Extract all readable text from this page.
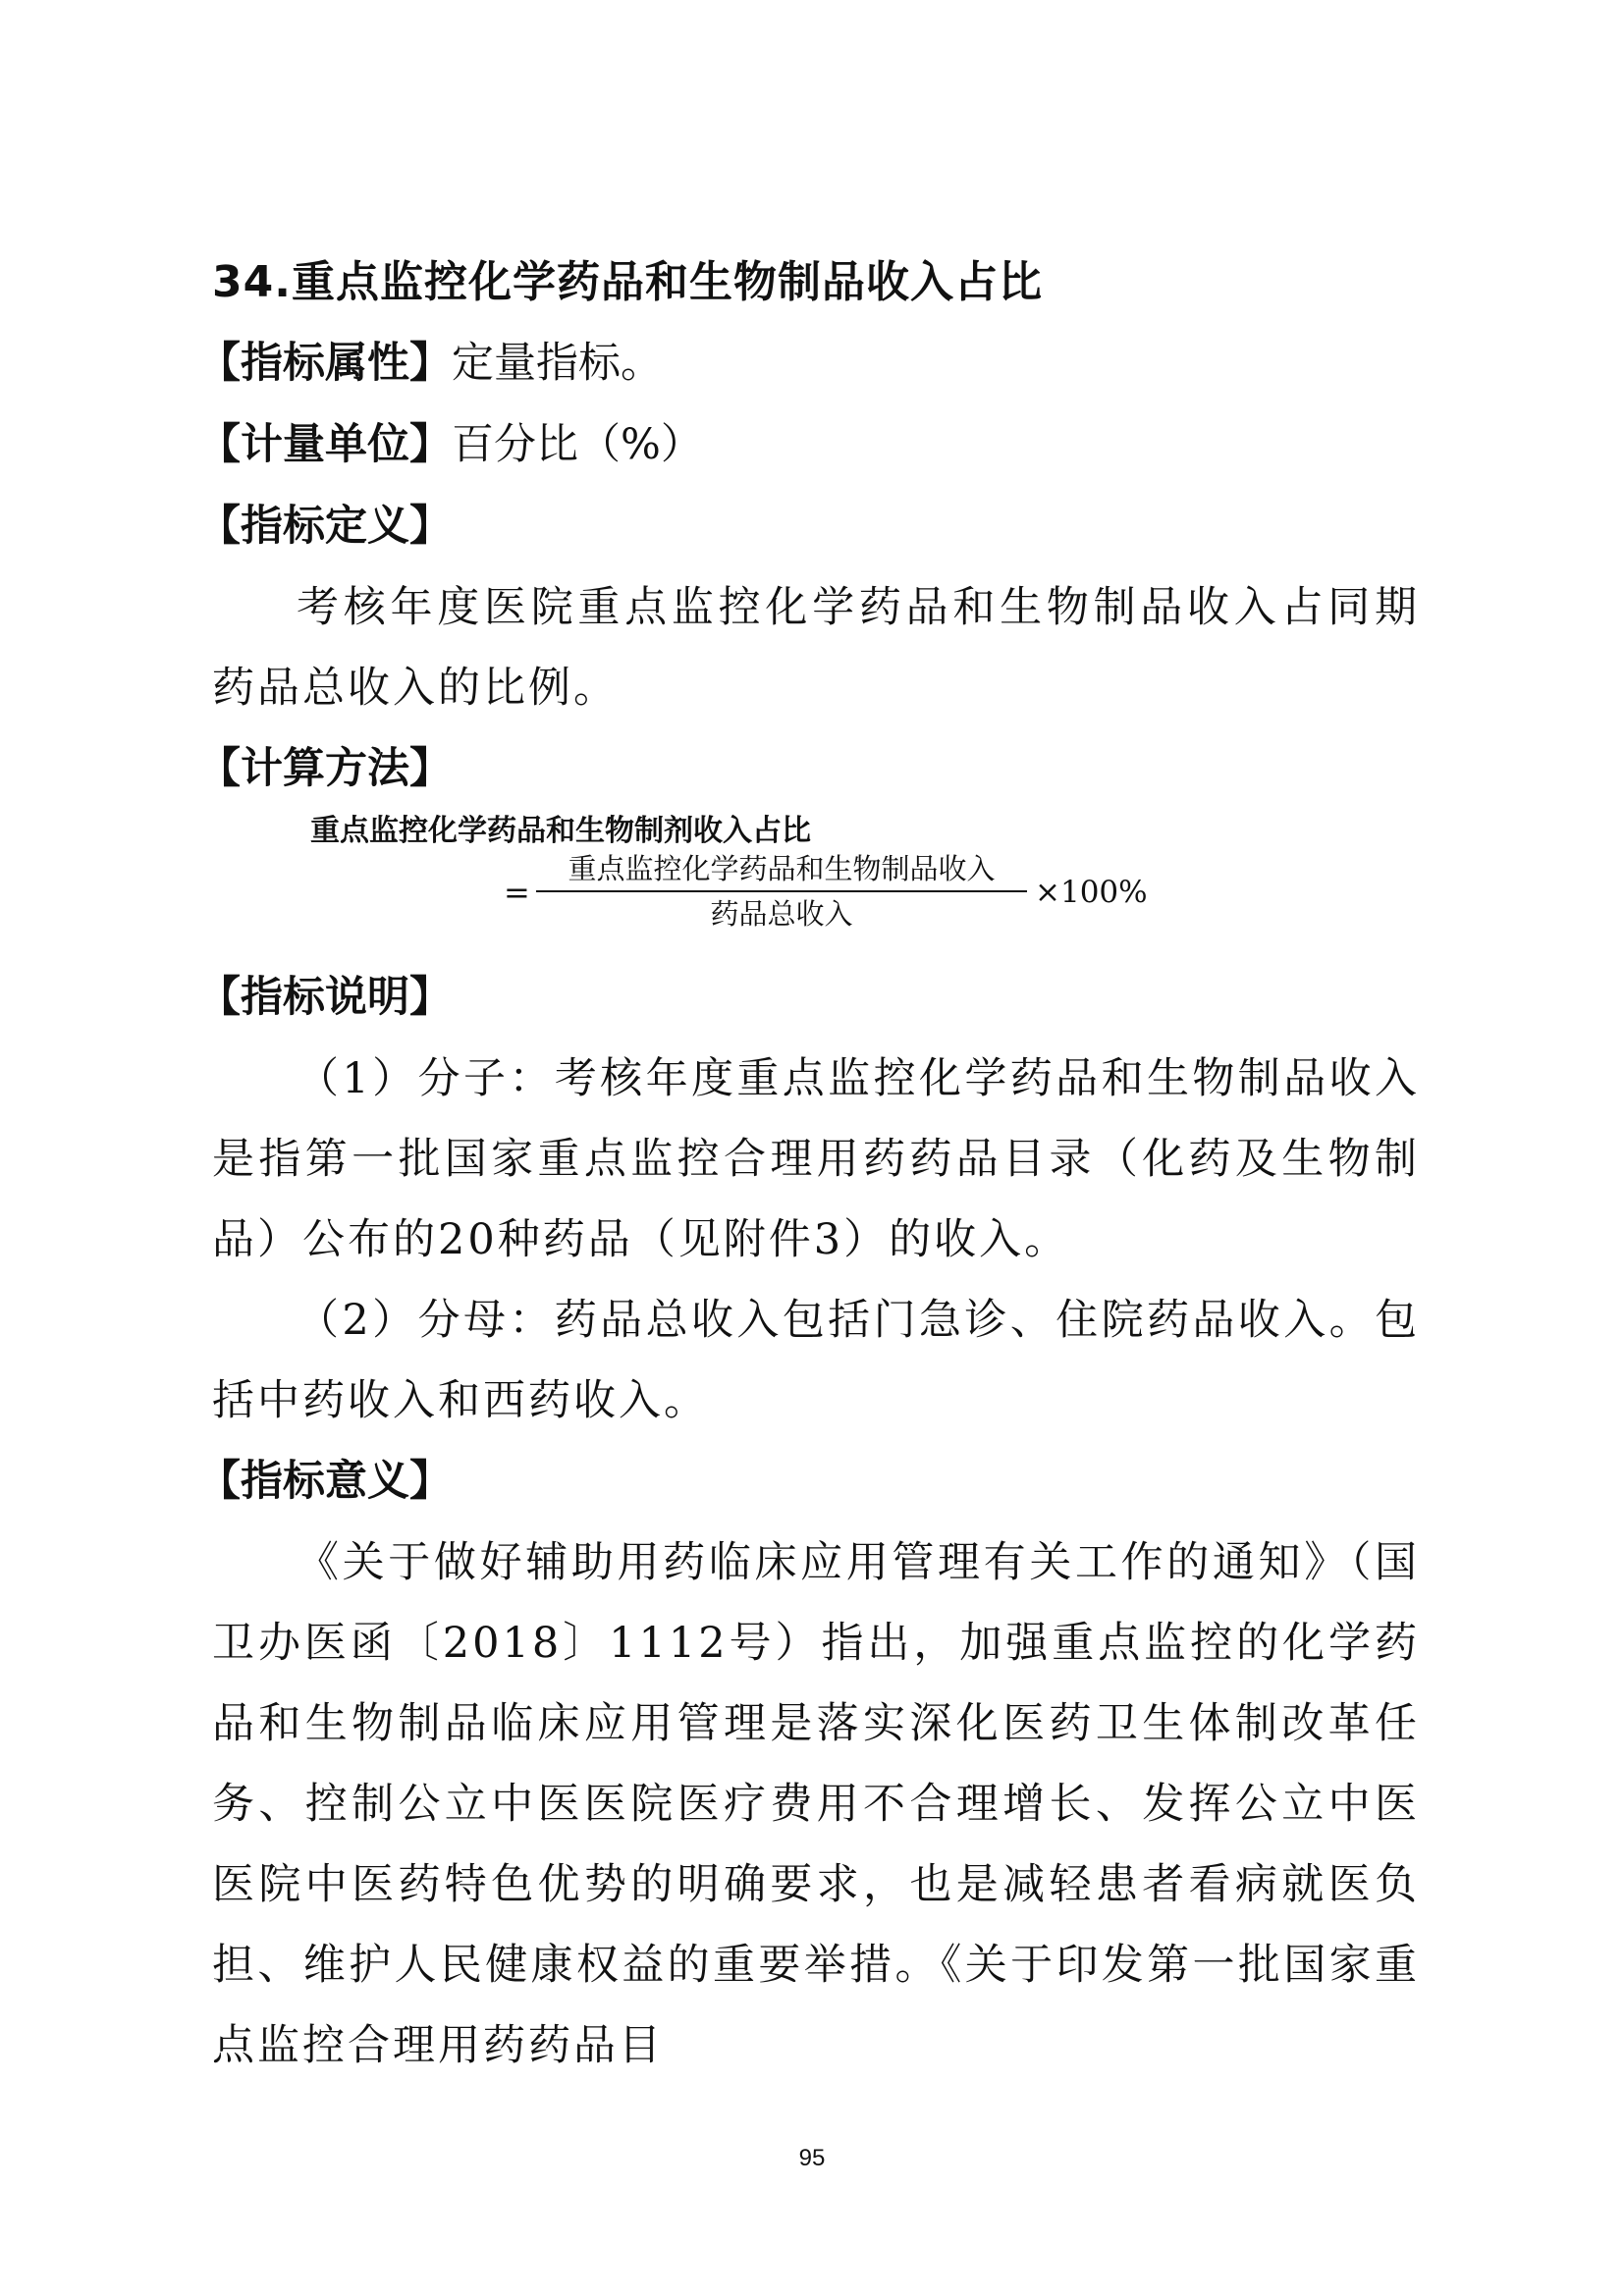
34.重点监控化学药品和生物制品收入占比

【指标属性】定量指标。

【计量单位】百分比（%）

【指标定义】

考核年度医院重点监控化学药品和生物制品收入占同期药品总收入的比例。

【计算方法】

重点监控化学药品和生物制剂收入占比
=
重点监控化学药品和生物制品收入
药品总收入
×100%

【指标说明】

（1）分子：考核年度重点监控化学药品和生物制品收入是指第一批国家重点监控合理用药药品目录（化药及生物制品）公布的20种药品（见附件3）的收入。

（2）分母：药品总收入包括门急诊、住院药品收入。包括中药收入和西药收入。

【指标意义】

《关于做好辅助用药临床应用管理有关工作的通知》（国卫办医函〔2018〕1112号）指出，加强重点监控的化学药品和生物制品临床应用管理是落实深化医药卫生体制改革任务、控制公立中医医院医疗费用不合理增长、发挥公立中医医院中医药特色优势的明确要求，也是减轻患者看病就医负担、维护人民健康权益的重要举措。《关于印发第一批国家重点监控合理用药药品目

95
